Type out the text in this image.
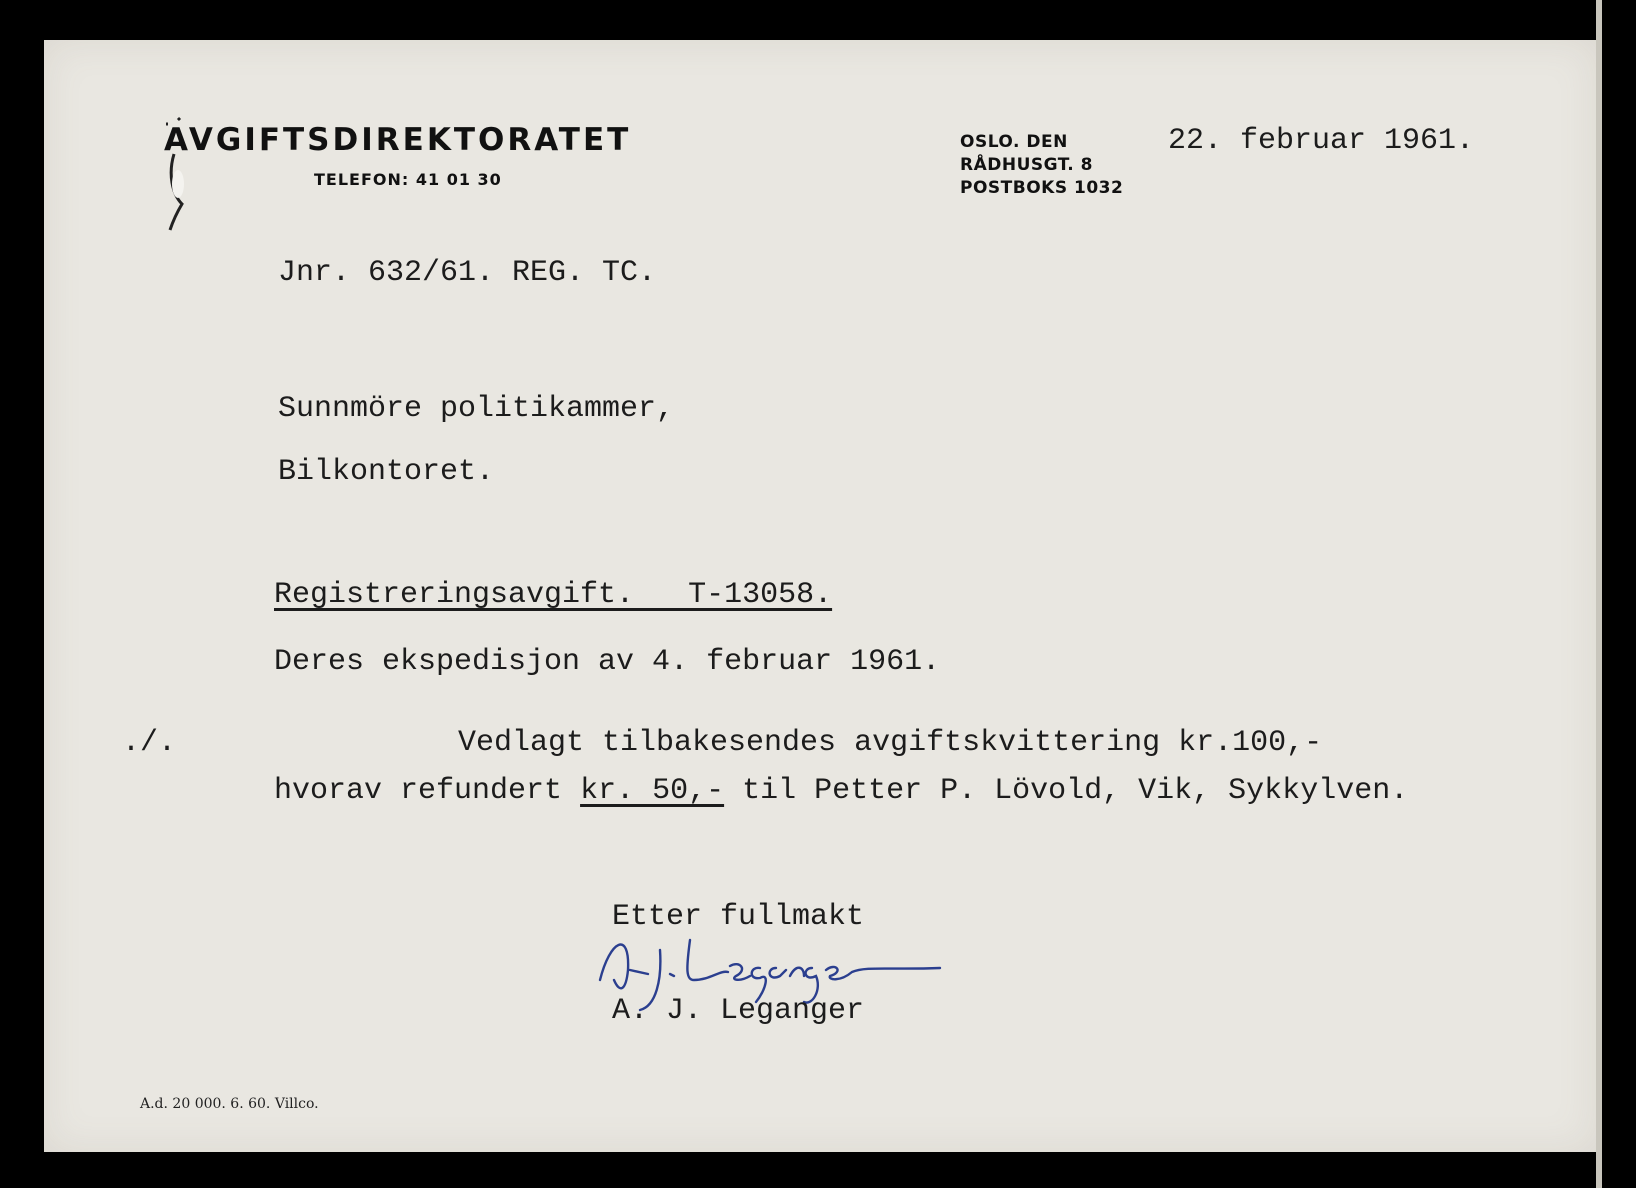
AVGIFTSDIREKTORATET
TELEFON: 41 01 30
OSLO. DEN
RÅDHUSGT. 8
POSTBOKS 1032
22. februar 1961.
Jnr. 632/61. REG. TC.
Sunnmöre politikammer,
Bilkontoret.
Registreringsavgift.   T-13058.
Deres ekspedisjon av 4. februar 1961.
./.	Vedlagt tilbakesendes avgiftskvittering kr.100,-
hvorav refundert kr. 50,- til Petter P. Lövold, Vik, Sykkylven.
Etter fullmakt
A. J. Leganger
A.d. 20 000. 6. 60. Villco.
